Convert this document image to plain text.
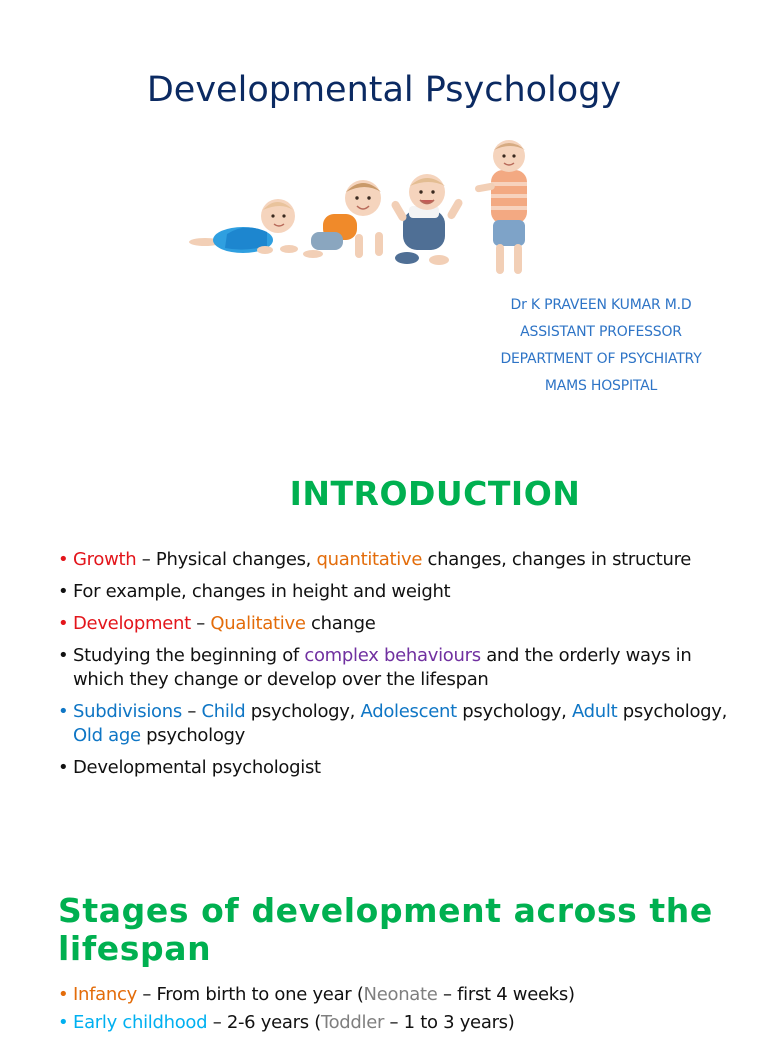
Developmental Psychology
Dr K PRAVEEN KUMAR M.D
ASSISTANT PROFESSOR
DEPARTMENT OF PSYCHIATRY
MAMS HOSPITAL
INTRODUCTION
• Growth – Physical changes, quantitative changes, changes in structure
• For example, changes in height and weight
• Development – Qualitative change
• Studying the beginning of complex behaviours and the orderly ways in which they change or develop over the lifespan
• Subdivisions – Child psychology, Adolescent psychology, Adult psychology, Old age psychology
• Developmental psychologist
Stages of development across the lifespan
• Infancy – From birth to one year (Neonate – first 4 weeks)
• Early childhood – 2-6 years (Toddler – 1 to 3 years)
